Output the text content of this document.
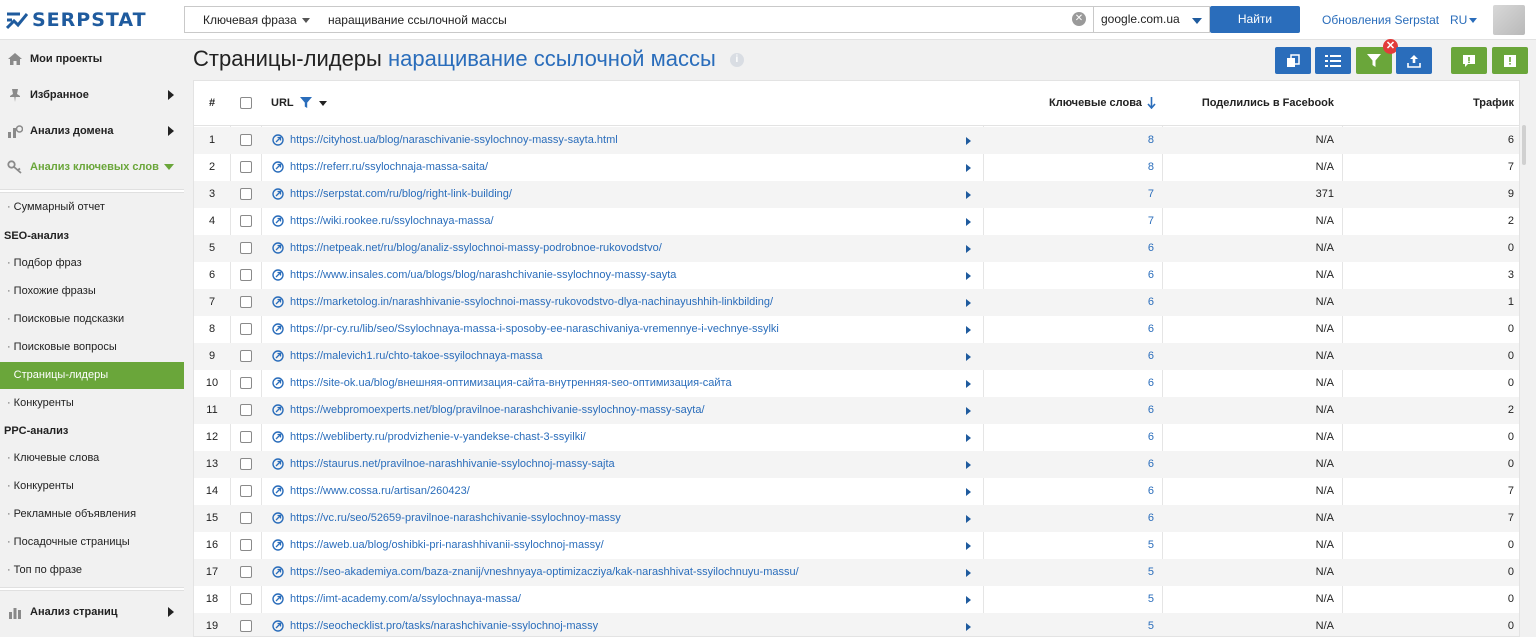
SERPSTAT	Ключевая фраза
наращивание ссылочной массы	✕	google.com.ua	Найти	Обновления Serpstat RU
Мои проекты
Избранное
Анализ домена
Анализ ключевых слов
· Суммарный отчет
SEO-анализ
· Подбор фраз
· Похожие фразы
· Поисковые подсказки
· Поисковые вопросы
· Страницы-лидеры
· Конкуренты
PPC-анализ
· Ключевые слова
· Конкуренты
· Рекламные объявления
· Посадочные страницы
· Топ по фразе
Анализ страниц
Страницы-лидеры наращивание ссылочной массы i
✕
#	URL	Ключевые слова	Поделились в Facebook	Трафик
1	https://cityhost.ua/blog/naraschivanie-ssylochnoy-massy-sayta.html	8	N/A	6
2	https://referr.ru/ssylochnaja-massa-saita/	8	N/A	7
3	https://serpstat.com/ru/blog/right-link-building/	7	371	9
4	https://wiki.rookee.ru/ssylochnaya-massa/	7	N/A	2
5	https://netpeak.net/ru/blog/analiz-ssylochnoi-massy-podrobnoe-rukovodstvo/	6	N/A	0
6	https://www.insales.com/ua/blogs/blog/narashchivanie-ssylochnoy-massy-sayta	6	N/A	3
7	https://marketolog.in/narashhivanie-ssylochnoi-massy-rukovodstvo-dlya-nachinayushhih-linkbilding/	6	N/A	1
8	https://pr-cy.ru/lib/seo/Ssylochnaya-massa-i-sposoby-ee-naraschivaniya-vremennye-i-vechnye-ssylki	6	N/A	0
9	https://malevich1.ru/chto-takoe-ssyilochnaya-massa	6	N/A	0
10	https://site-ok.ua/blog/внешняя-оптимизация-сайта-внутренняя-seo-оптимизация-сайта	6	N/A	0
11	https://webpromoexperts.net/blog/pravilnoe-narashchivanie-ssylochnoy-massy-sayta/	6	N/A	2
12	https://webliberty.ru/prodvizhenie-v-yandekse-chast-3-ssyilki/	6	N/A	0
13	https://staurus.net/pravilnoe-narashhivanie-ssylochnoj-massy-sajta	6	N/A	0
14	https://www.cossa.ru/artisan/260423/	6	N/A	7
15	https://vc.ru/seo/52659-pravilnoe-narashchivanie-ssylochnoy-massy	6	N/A	7
16	https://aweb.ua/blog/oshibki-pri-narashhivanii-ssylochnoj-massy/	5	N/A	0
17	https://seo-akademiya.com/baza-znanij/vneshnyaya-optimizacziya/kak-narashhivat-ssyilochnuyu-massu/	5	N/A	0
18	https://imt-academy.com/a/ssylochnaya-massa/	5	N/A	0
19	https://seochecklist.pro/tasks/narashchivanie-ssylochnoj-massy	5	N/A	0
